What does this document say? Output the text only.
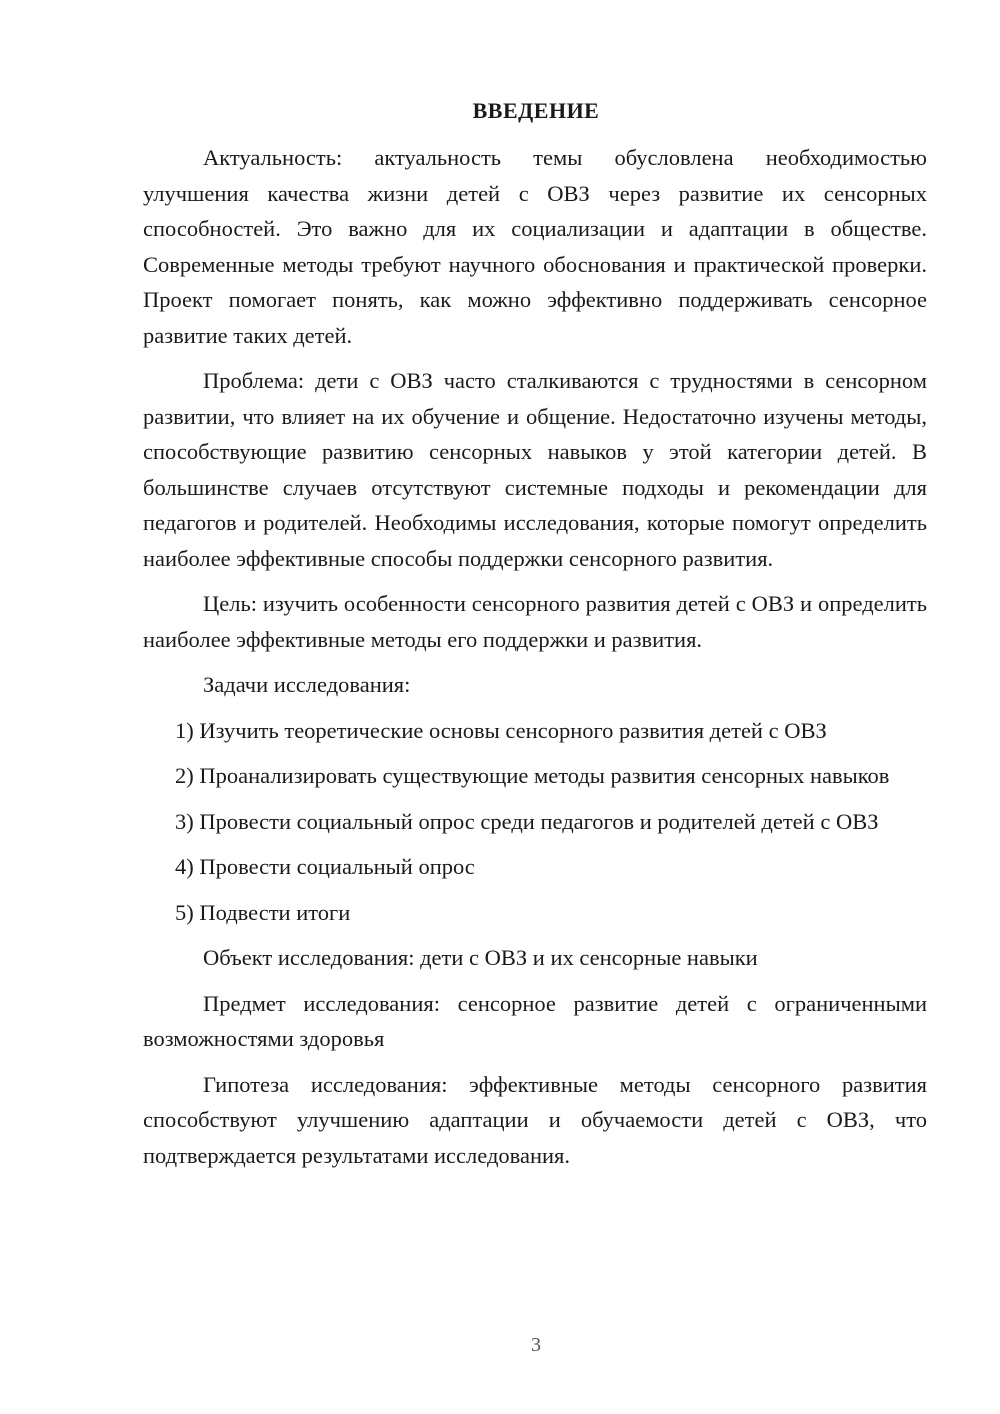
ВВЕДЕНИЕ

Актуальность: актуальность темы обусловлена необходимостью улучшения качества жизни детей с ОВЗ через развитие их сенсорных способностей. Это важно для их социализации и адаптации в обществе. Современные методы требуют научного обоснования и практической проверки. Проект помогает понять, как можно эффективно поддерживать сенсорное развитие таких детей.

Проблема: дети с ОВЗ часто сталкиваются с трудностями в сенсорном развитии, что влияет на их обучение и общение. Недостаточно изучены методы, способствующие развитию сенсорных навыков у этой категории детей. В большинстве случаев отсутствуют системные подходы и рекомендации для педагогов и родителей. Необходимы исследования, которые помогут определить наиболее эффективные способы поддержки сенсорного развития.

Цель: изучить особенности сенсорного развития детей с ОВЗ и определить наиболее эффективные методы его поддержки и развития.

Задачи исследования:

1) Изучить теоретические основы сенсорного развития детей с ОВЗ

2) Проанализировать существующие методы развития сенсорных навыков

3) Провести социальный опрос среди педагогов и родителей детей с ОВЗ

4) Провести социальный опрос

5) Подвести итоги

Объект исследования: дети с ОВЗ и их сенсорные навыки

Предмет исследования: сенсорное развитие детей с ограниченными возможностями здоровья

Гипотеза исследования: эффективные методы сенсорного развития способствуют улучшению адаптации и обучаемости детей с ОВЗ, что подтверждается результатами исследования.

3
